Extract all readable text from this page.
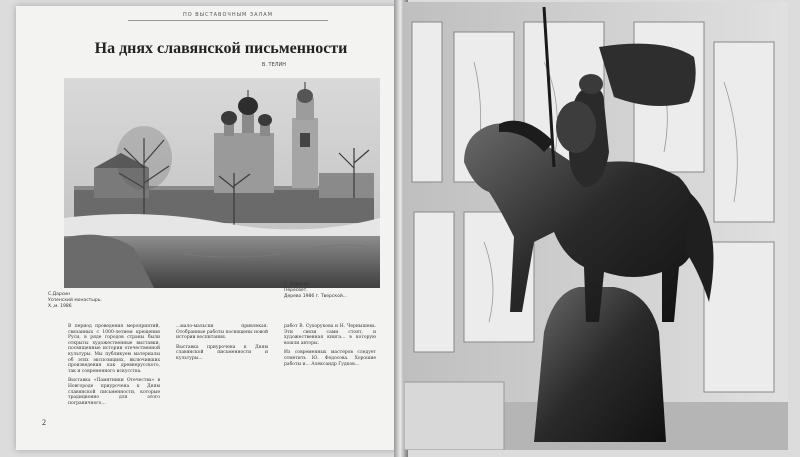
ПО ВЫСТАВОЧНЫМ ЗАЛАМ
На днях славянской письменности
В. ТЕЛИН
С.Дарсин
Успенский монастырь.
Х.,м. 1986
Г. Карасев
Пересвет.
Дерево 1986 г. Тверской...

В период проведения мероприятий, связанных с 1000-летием крещения Руси, в ряде городов страны были открыты художественные выставки, посвященные истории отечественной культуры. Мы публикуем материалы об этих экспозициях, включивших произведения как древнерусского, так и современного искусства.

Выставка «Памятники Отечества» в Новгороде приурочена к Дням славянской письменности, которые традиционно для этого пограничного...

...мало-мальски привлекая. Отобранные работы посвящены новой истории воспитания.

Выставка приурочена к Дням славянской письменности и культуры...

работ В. Сухорукова и Н. Чернышева. Эти связи сами стоят, и художественная книга... в которую вошли авторы.

Из современных мастеров следует отметить Ю. Федосова. Хорошие работы и... Александр Гудков...

2
